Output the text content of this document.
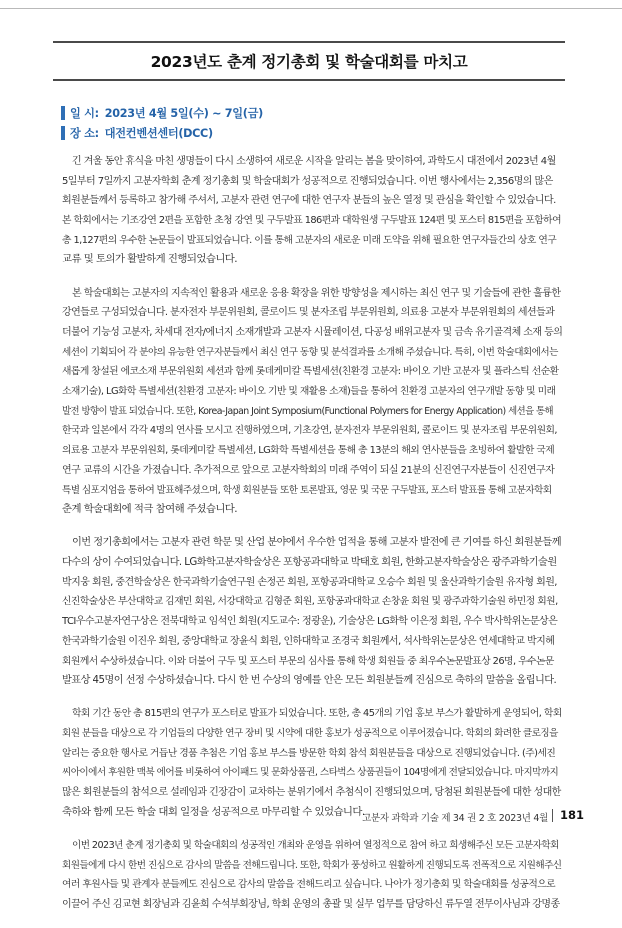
2023년도 춘계 정기총회 및 학술대회를 마치고
일 시: 2023년 4월 5일(수) ~ 7일(금)
장 소: 대전컨벤션센터(DCC)
긴 겨울 동안 휴식을 마친 생명들이 다시 소생하여 새로운 시작을 알리는 봄을 맞이하여, 과학도시 대전에서 2023년 4월
5일부터 7일까지 고분자학회 춘계 정기총회 및 학술대회가 성공적으로 진행되었습니다. 이번 행사에서는 2,356명의 많은
회원분들께서 등록하고 참가해 주셔서, 고분자 관련 연구에 대한 연구자 분들의 높은 열정 및 관심을 확인할 수 있었습니다.
본 학회에서는 기조강연 2편을 포함한 초청 강연 및 구두발표 186편과 대학원생 구두발표 124편 및 포스터 815편을 포함하여
총 1,127편의 우수한 논문들이 발표되었습니다. 이를 통해 고분자의 새로운 미래 도약을 위해 필요한 연구자들간의 상호 연구
교류 및 토의가 활발하게 진행되었습니다.
본 학술대회는 고분자의 지속적인 활용과 새로운 응용 확장을 위한 방향성을 제시하는 최신 연구 및 기술들에 관한 훌륭한
강연들로 구성되었습니다. 분자전자 부문위원회, 콜로이드 및 분자조립 부문위원회, 의료용 고분자 부문위원회의 세션들과
더불어 기능성 고분자, 차세대 전자/에너지 소재개발과 고분자 시뮬레이션, 다공성 배위고분자 및 금속 유기골격체 소재 등의
세션이 기획되어 각 분야의 유능한 연구자분들께서 최신 연구 동향 및 분석결과를 소개해 주셨습니다. 특히, 이번 학술대회에서는
새롭게 창설된 에코소재 부문위원회 세션과 함께 롯데케미칼 특별세션(친환경 고분자: 바이오 기반 고분자 및 플라스틱 선순환
소재기술), LG화학 특별세션(친환경 고분자: 바이오 기반 및 재활용 소재)들을 통하여 친환경 고분자의 연구개발 동향 및 미래
발전 방향이 발표 되었습니다. 또한, Korea-Japan Joint Symposium(Functional Polymers for Energy Application) 세션을 통해
한국과 일본에서 각각 4명의 연사를 모시고 진행하였으며, 기초강연, 분자전자 부문위원회, 콜로이드 및 분자조립 부문위원회,
의료용 고분자 부문위원회, 롯데케미칼 특별세션, LG화학 특별세션을 통해 총 13분의 해외 연사분들을 초빙하여 활발한 국제
연구 교류의 시간을 가졌습니다. 추가적으로 앞으로 고분자학회의 미래 주역이 되실 21분의 신진연구자분들이 신진연구자
특별 심포지엄을 통하여 발표해주셨으며, 학생 회원분들 또한 토론발표, 영문 및 국문 구두발표, 포스터 발표를 통해 고분자학회
춘계 학술대회에 적극 참여해 주셨습니다.
이번 정기총회에서는 고분자 관련 학문 및 산업 분야에서 우수한 업적을 통해 고분자 발전에 큰 기여를 하신 회원분들께
다수의 상이 수여되었습니다. LG화학고분자학술상은 포항공과대학교 박태호 회원, 한화고분자학술상은 광주과학기술원
박지웅 회원, 중견학술상은 한국과학기술연구원 손정곤 회원, 포항공과대학교 오승수 회원 및 울산과학기술원 유자형 회원,
신진학술상은 부산대학교 김재민 회원, 서강대학교 김형준 회원, 포항공과대학교 손창윤 회원 및 광주과학기술원 하민정 회원,
TCI우수고분자연구상은 전북대학교 임석인 회원(지도교수: 정광운), 기술상은 LG화학 이은정 회원, 우수 박사학위논문상은
한국과학기술원 이진우 회원, 중앙대학교 장윤식 회원, 인하대학교 조경국 회원께서, 석사학위논문상은 연세대학교 박지혜
회원께서 수상하셨습니다. 이와 더불어 구두 및 포스터 부문의 심사를 통해 학생 회원들 중 최우수논문발표상 26명, 우수논문
발표상 45명이 선정 수상하셨습니다. 다시 한 번 수상의 영예를 안은 모든 회원분들께 진심으로 축하의 말씀을 올립니다.
학회 기간 동안 총 815편의 연구가 포스터로 발표가 되었습니다. 또한, 총 45개의 기업 홍보 부스가 활발하게 운영되어, 학회
회원 분들을 대상으로 각 기업들의 다양한 연구 장비 및 시약에 대한 홍보가 성공적으로 이루어졌습니다. 학회의 화려한 클로징을
알리는 중요한 행사로 거듭난 경품 추첨은 기업 홍보 부스를 방문한 학회 참석 회원분들을 대상으로 진행되었습니다. (주)세진
씨아이에서 후원한 맥북 에어를 비롯하여 아이패드 및 문화상품권, 스타벅스 상품권들이 104명에게 전달되었습니다. 마지막까지
많은 회원분들의 참석으로 설레임과 긴장감이 교차하는 분위기에서 추첨식이 진행되었으며, 당첨된 회원분들에 대한 성대한
축하와 함께 모든 학술 대회 일정을 성공적으로 마무리할 수 있었습니다.
이번 2023년 춘계 정기총회 및 학술대회의 성공적인 개최와 운영을 위하여 열정적으로 참여 하고 희생해주신 모든 고분자학회
회원들에게 다시 한번 진심으로 감사의 말씀을 전해드립니다. 또한, 학회가 풍성하고 원활하게 진행되도록 전폭적으로 지원해주신
여러 후원사들 및 관계자 분들께도 진심으로 감사의 말씀을 전해드리고 싶습니다. 나아가 정기총회 및 학술대회를 성공적으로
이끌어 주신 김교현 회장님과 김윤희 수석부회장님, 학회 운영의 총괄 및 실무 업무를 담당하신 류두열 전무이사님과 강명종
고분자 과학과 기술 제 34 권 2 호 2023년 4월 181
